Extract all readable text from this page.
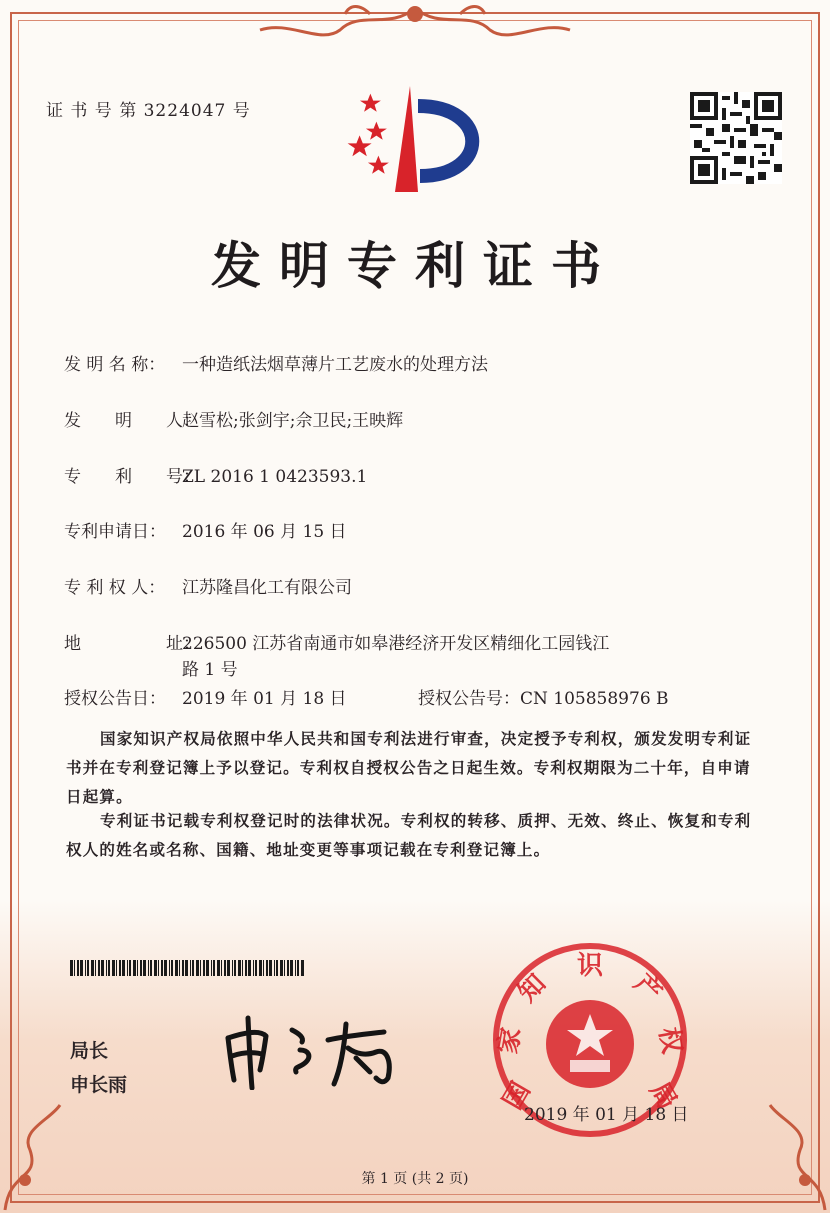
证 书 号 第 3224047 号
发明专利证书
发 明 名 称： 一种造纸法烟草薄片工艺废水的处理方法
发　　明　　人：赵雪松;张剑宇;佘卫民;王映辉
专　　利　　号：ZL 2016 1 0423593.1
专利申请日： 2016 年 06 月 15 日
专 利 权 人： 江苏隆昌化工有限公司
地　　　　　址：226500 江苏省南通市如皋港经济开发区精细化工园钱江
路 1 号
授权公告日： 2019 年 01 月 18 日	授权公告号：CN 105858976 B
国家知识产权局依照中华人民共和国专利法进行审查，决定授予专利权，颁发发明专利证书并在专利登记簿上予以登记。专利权自授权公告之日起生效。专利权期限为二十年，自申请日起算。
专利证书记载专利权登记时的法律状况。专利权的转移、质押、无效、终止、恢复和专利权人的姓名或名称、国籍、地址变更等事项记载在专利登记簿上。
局长
申长雨	国
家
知
识
产
权
局
2019 年 01 月 18 日
第 1 页 (共 2 页)
